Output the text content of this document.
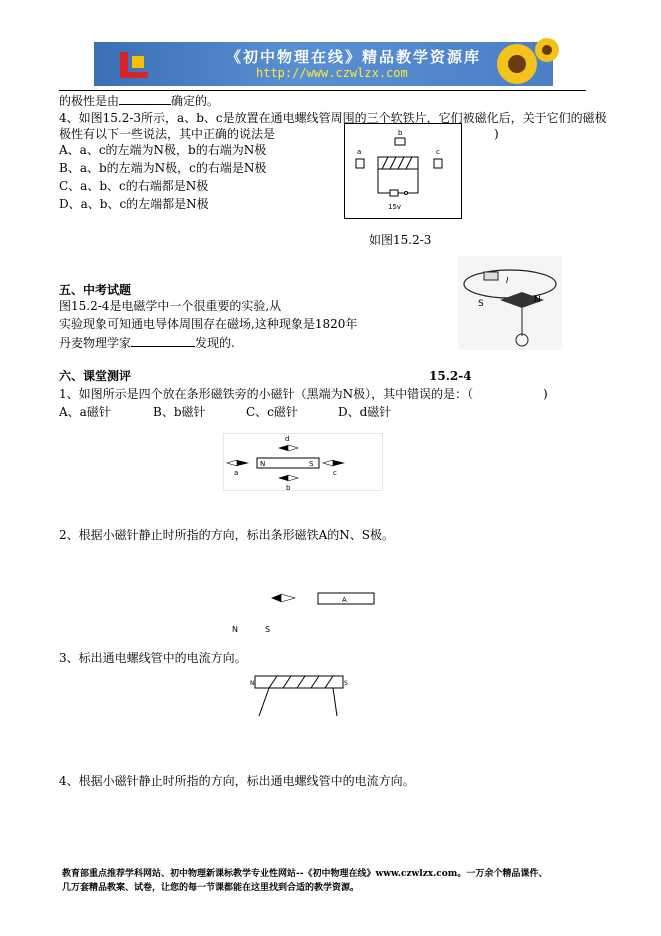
《初中物理在线》精品教学资源库
http://www.czwlzx.com
的极性是由	确定的。
4、如图15.2-3所示，a、b、c是放置在通电螺线管周围的三个软铁片，它们被磁化后，关于它们的磁极
)
极性有以下一些说法，其中正确的说法是
A、a、c的左端为N极，b的右端为N极
B、a、b的左端为N极，c的右端是N极
C、a、b、c的右端都是N极
D、a、b、c的左端都是N极
b
a	c
15v
如图15.2-3
五、中考试题
图15.2-4是电磁学中一个很重要的实验,从
实验现象可知通电导体周围存在磁场,这种现象是1820年
丹麦物理学家	发现的.
I
S	N
六、课堂测评	15.2-4
1、如图所示是四个放在条形磁铁旁的小磁针（黑端为N极），其中错误的是：（	)
A、a磁针	B、b磁针	C、c磁针	D、d磁针
N	S
d
b
a	c
2、根据小磁针静止时所指的方向，标出条形磁铁A的N、S极。
A
N	S
3、标出通电螺线管中的电流方向。
N	S
4、根据小磁针静止时所指的方向，标出通电螺线管中的电流方向。
教育部重点推荐学科网站、初中物理新课标教学专业性网站--《初中物理在线》www.czwlzx.com。一万余个精品课件、
几万套精品教案、试卷，让您的每一节课都能在这里找到合适的教学资源。
